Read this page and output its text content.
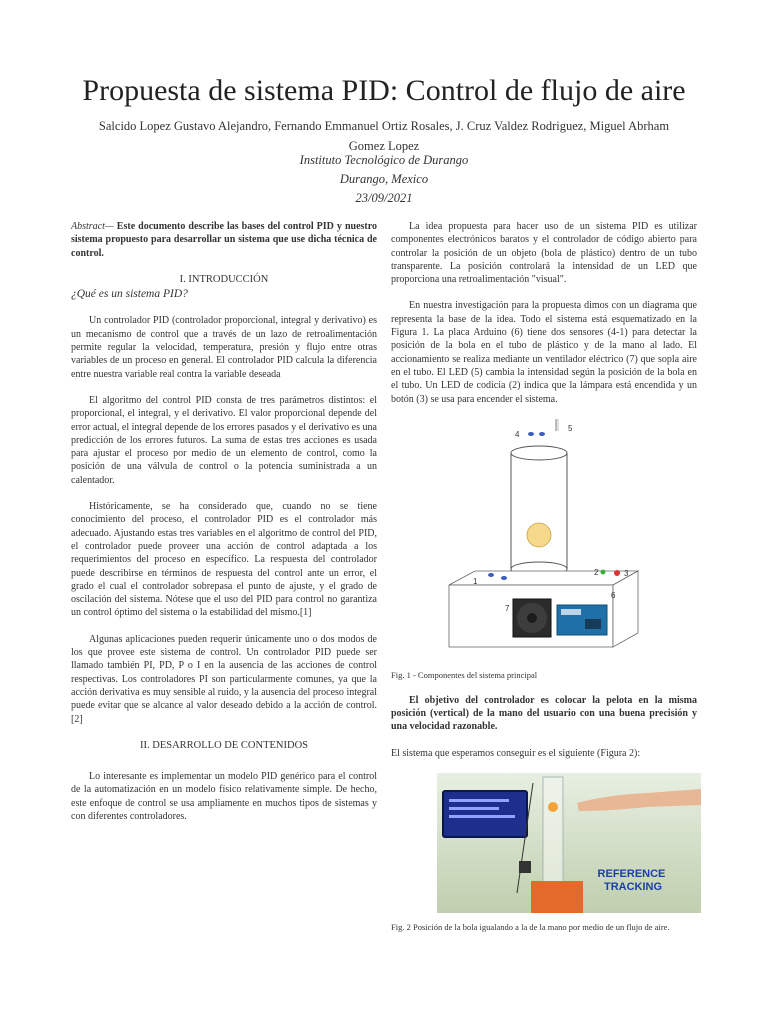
Propuesta de sistema PID: Control de flujo de aire
Salcido Lopez Gustavo Alejandro, Fernando Emmanuel Ortiz Rosales, J. Cruz Valdez Rodriguez, Miguel Abrham Gomez Lopez
Instituto Tecnológico de Durango
Durango, Mexico
23/09/2021

Abstract— Este documento describe las bases del control PID y nuestro sistema propuesto para desarrollar un sistema que use dicha técnica de control.

I. INTRODUCCIÓN
¿Qué es un sistema PID?

Un controlador PID (controlador proporcional, integral y derivativo) es un mecanismo de control que a través de un lazo de retroalimentación permite regular la velocidad, temperatura, presión y flujo entre otras variables de un proceso en general. El controlador PID calcula la diferencia entre nuestra variable real contra la variable deseada

El algoritmo del control PID consta de tres parámetros distintos: el proporcional, el integral, y el derivativo. El valor proporcional depende del error actual, el integral depende de los errores pasados y el derivativo es una predicción de los errores futuros. La suma de estas tres acciones es usada para ajustar el proceso por medio de un elemento de control, como la posición de una válvula de control o la potencia suministrada a un calentador.

Históricamente, se ha considerado que, cuando no se tiene conocimiento del proceso, el controlador PID es el controlador más adecuado. Ajustando estas tres variables en el algoritmo de control del PID, el controlador puede proveer una acción de control adaptada a los requerimientos del proceso en específico. La respuesta del controlador puede describirse en términos de respuesta del control ante un error, el grado el cual el controlador sobrepasa el punto de ajuste, y el grado de oscilación del sistema. Nótese que el uso del PID para control no garantiza un control óptimo del sistema o la estabilidad del mismo.[1]

Algunas aplicaciones pueden requerir únicamente uno o dos modos de los que provee este sistema de control. Un controlador PID puede ser llamado también PI, PD, P o I en la ausencia de las acciones de control respectivas. Los controladores PI son particularmente comunes, ya que la acción derivativa es muy sensible al ruido, y la ausencia del proceso integral puede evitar que se alcance al valor deseado debido a la acción de control.[2]

II. DESARROLLO DE CONTENIDOS

Lo interesante es implementar un modelo PID genérico para el control de la automatización en un modelo físico relativamente simple. De hecho, este enfoque de control se usa ampliamente en muchos tipos de sistemas y con diferentes controladores.

La idea propuesta para hacer uso de un sistema PID es utilizar componentes electrónicos baratos y el controlador de código abierto para controlar la posición de un objeto (bola de plástico) dentro de un tubo transparente. La posición controlará la intensidad de un LED que proporciona una retroalimentación "visual".

En nuestra investigación para la propuesta dimos con un diagrama que representa la base de la idea. Todo el sistema está esquematizado en la Figura 1. La placa Arduino (6) tiene dos sensores (4-1) para detectar la posición de la bola en el tubo de plástico y de la mano al lado. El accionamiento se realiza mediante un ventilador eléctrico (7) que sopla aire en el tubo. El LED (5) cambia la intensidad según la posición de la bola en el tubo. Un LED de codicia (2) indica que la lámpara está encendida y un botón (3) se usa para encender el sistema.

1
2	3
4
5
6
7

Fig. 1 - Componentes del sistema principal

El objetivo del controlador es colocar la pelota en la misma posición (vertical) de la mano del usuario con una buena precisión y una velocidad razonable.

El sistema que esperamos conseguir es el siguiente (Figura 2):

REFERENCE TRACKING

Fig. 2 Posición de la bola igualando a la de la mano por medio de un flujo de aire.
